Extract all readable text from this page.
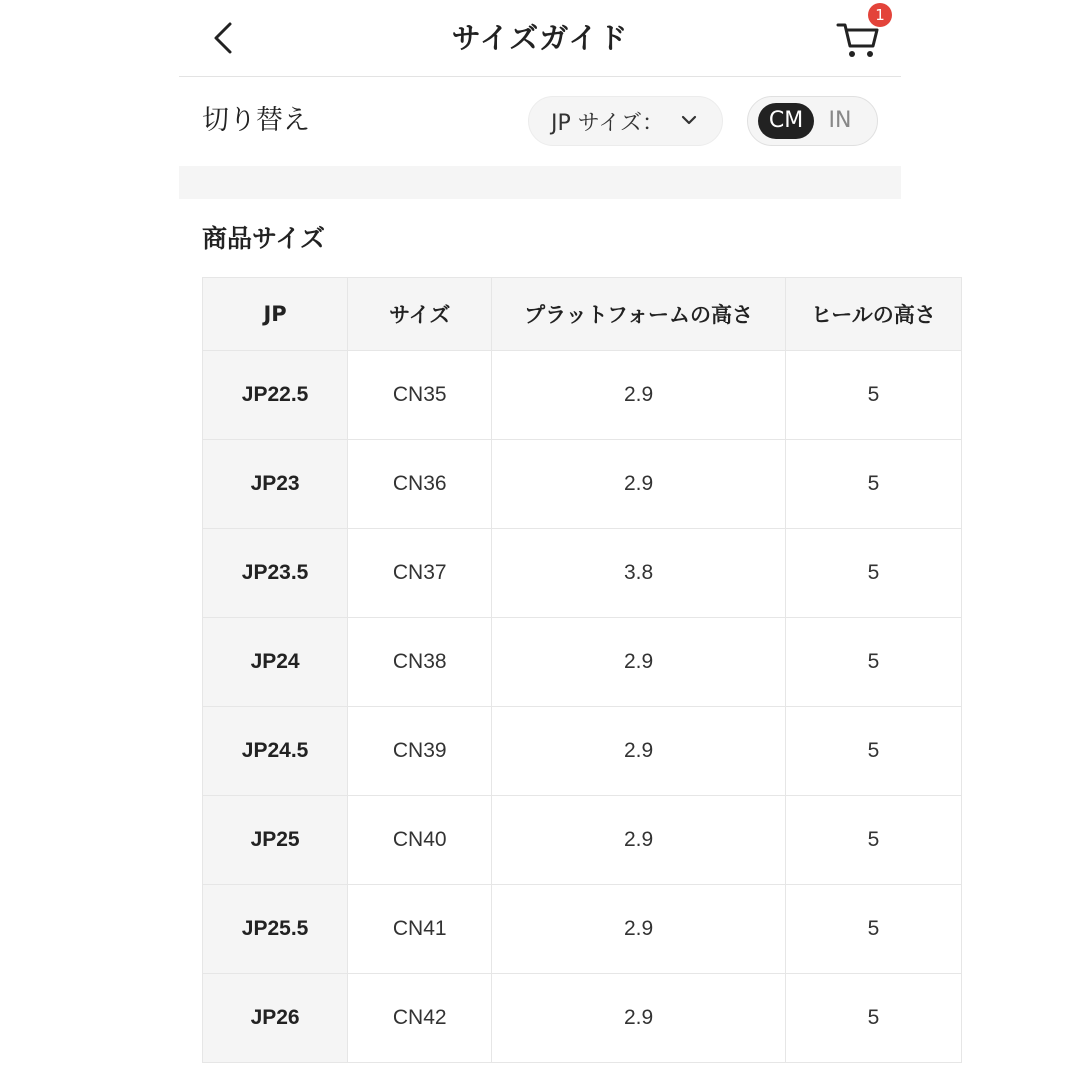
サイズガイド
1
切り替え	JP サイズ：	CM	IN
商品サイズ
JP	サイズ	プラットフォームの高さ	ヒールの高さ
JP22.5	CN35	2.9	5
JP23	CN36	2.9	5
JP23.5	CN37	3.8	5
JP24	CN38	2.9	5
JP24.5	CN39	2.9	5
JP25	CN40	2.9	5
JP25.5	CN41	2.9	5
JP26	CN42	2.9	5
